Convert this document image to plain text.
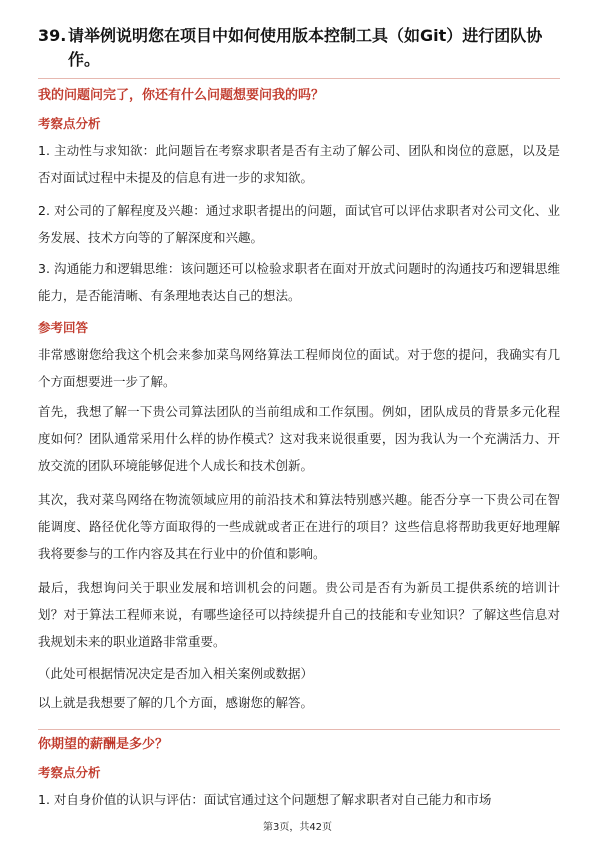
39. 请举例说明您在项目中如何使用版本控制工具（如Git）进行团队协作。
我的问题问完了，你还有什么问题想要问我的吗？
考察点分析
1. 主动性与求知欲：此问题旨在考察求职者是否有主动了解公司、团队和岗位的意愿，以及是否对面试过程中未提及的信息有进一步的求知欲。
2. 对公司的了解程度及兴趣：通过求职者提出的问题，面试官可以评估求职者对公司文化、业务发展、技术方向等的了解深度和兴趣。
3. 沟通能力和逻辑思维：该问题还可以检验求职者在面对开放式问题时的沟通技巧和逻辑思维能力，是否能清晰、有条理地表达自己的想法。
参考回答
非常感谢您给我这个机会来参加菜鸟网络算法工程师岗位的面试。对于您的提问，我确实有几个方面想要进一步了解。
首先，我想了解一下贵公司算法团队的当前组成和工作氛围。例如，团队成员的背景多元化程度如何？团队通常采用什么样的协作模式？这对我来说很重要，因为我认为一个充满活力、开放交流的团队环境能够促进个人成长和技术创新。
其次，我对菜鸟网络在物流领域应用的前沿技术和算法特别感兴趣。能否分享一下贵公司在智能调度、路径优化等方面取得的一些成就或者正在进行的项目？这些信息将帮助我更好地理解我将要参与的工作内容及其在行业中的价值和影响。
最后，我想询问关于职业发展和培训机会的问题。贵公司是否有为新员工提供系统的培训计划？对于算法工程师来说，有哪些途径可以持续提升自己的技能和专业知识？了解这些信息对我规划未来的职业道路非常重要。
（此处可根据情况决定是否加入相关案例或数据）
以上就是我想要了解的几个方面，感谢您的解答。
你期望的薪酬是多少？
考察点分析
1. 对自身价值的认识与评估：面试官通过这个问题想了解求职者对自己能力和市场
第3页，共42页
